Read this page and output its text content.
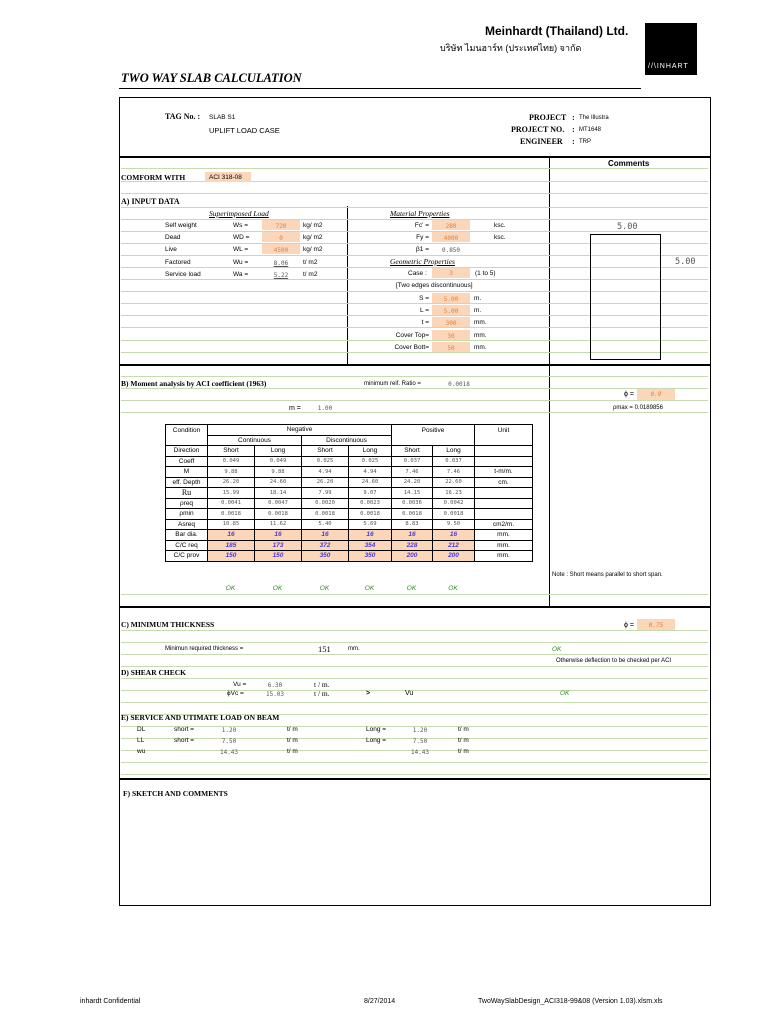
Meinhardt (Thailand) Ltd.
บริษัท ไมนฮาร์ท (ประเทศไทย) จากัด
//\INHART
TWO WAY SLAB CALCULATION
TAG No. : SLAB S1
UPLIFT LOAD CASE
PROJECT : The Illustra
PROJECT NO. : MT1648
ENGINEER : TRP
Comments
COMFORM WITH	ACI 318-08
A) INPUT DATA
Superimposed Load	Material Properties
Self weight	Ws =	720	kg/ m2
Dead	WD =	0	kg/ m2
Live	WL =	4500	kg/ m2
Factored	Wu =	8.06	t/ m2
Service load	Wa =	5.22	t/ m2
Fc' =	280	ksc.
Fy =	4000	ksc.
β1 =	0.850
Geometric Properties
Case :	3	(1 to 5)
[Two edges discontinuous]
S =	5.00	m.
L =	5.00	m.
t =	300	mm.
Cover Top=	30	mm.
Cover Bott=	50	mm.
5.00
5.00
B) Moment analysis by ACI coefficient (1963)	minimum reif. Ratio =	0.0018
ϕ =	0.9
ρmax = 0.0189856
m =	1.00
Condition	Negative				Positive		Unit
	Continuous		Discontinuous				
Direction	Short	Long	Short	Long	Short	Long	
Coeff	0.049	0.049	0.025	0.025	0.037	0.037	
M	9.88	9.88	4.94	4.94	7.46	7.46	t-m/m.
eff. Depth	26.20	24.60	26.20	24.60	24.20	22.60	cm.
Ru	15.99	18.14	7.99	9.07	14.15	16.23	
ρreq	0.0041	0.0047	0.0020	0.0023	0.0036	0.0042	
ρmin	0.0018	0.0018	0.0018	0.0018	0.0018	0.0018	
Asreq	10.85	11.62	5.40	5.69	8.83	9.50	cm2/m.
Bar dia.	16	16	16	16	16	16	mm.
C/C req	185	173	372	354	228	212	mm.
C/C prov	150	150	350	350	200	200	mm.
OK	OK	OK	OK	OK	OK
Note : Short means parallel to short span.
C) MINIMUM THICKNESS	ϕ =	0.75
Minimun required thickness =	151	mm.	OK
Otherwise deflection to be checked per ACI
D) SHEAR CHECK
Vu =	6.30	t / m.
ϕVc =	15.03	t / m.	>	Vu	OK
E) SERVICE AND UTIMATE LOAD ON BEAM
DL	short =	1.20	t/ m	Long =	1.20	t/ m
LL	short =	7.50	t/ m	Long =	7.50	t/ m
wu	14.43	t/ m	14.43	t/ m
F) SKETCH AND COMMENTS
inhardt Confidential	8/27/2014	TwoWaySlabDesign_ACI318-99&08 (Version 1.03).xlsm.xls
